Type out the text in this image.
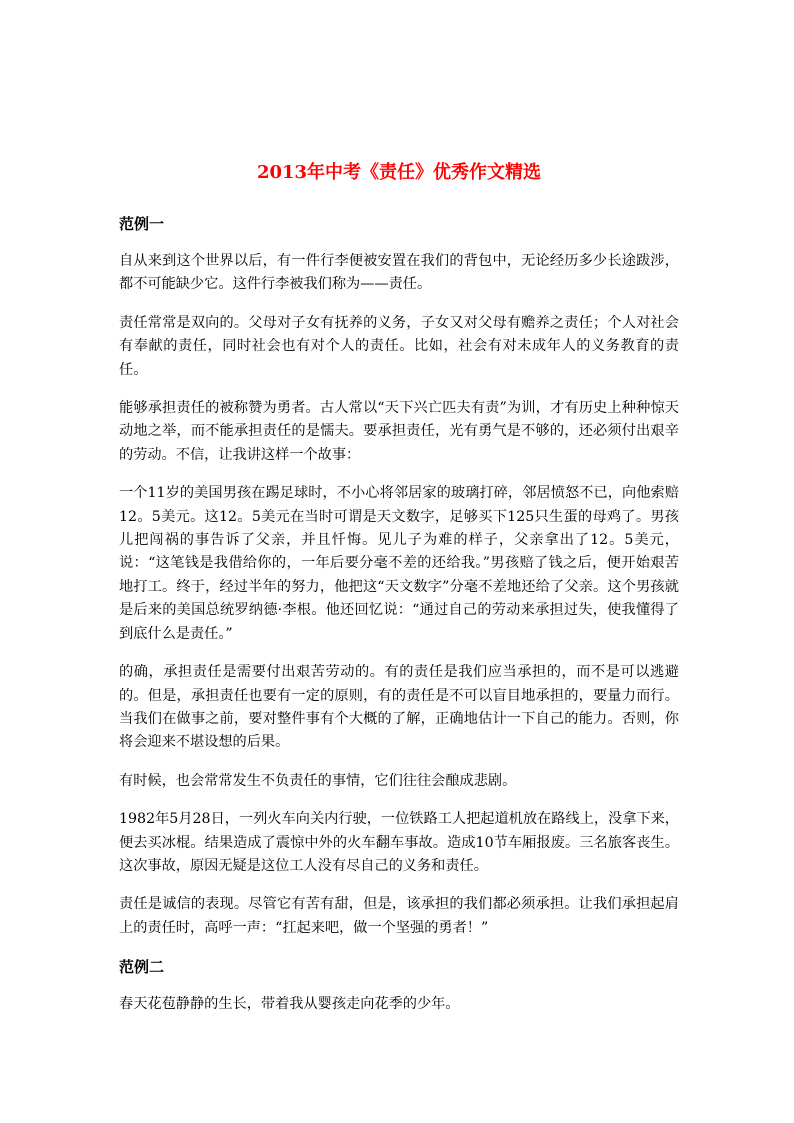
2013年中考《责任》优秀作文精选
范例一

自从来到这个世界以后，有一件行李便被安置在我们的背包中，无论经历多少长途跋涉，都不可能缺少它。这件行李被我们称为——责任。

责任常常是双向的。父母对子女有抚养的义务，子女又对父母有赡养之责任；个人对社会有奉献的责任，同时社会也有对个人的责任。比如，社会有对未成年人的义务教育的责任。

能够承担责任的被称赞为勇者。古人常以“天下兴亡匹夫有责”为训，才有历史上种种惊天动地之举，而不能承担责任的是懦夫。要承担责任，光有勇气是不够的，还必须付出艰辛的劳动。不信，让我讲这样一个故事：

一个11岁的美国男孩在踢足球时，不小心将邻居家的玻璃打碎，邻居愤怒不已，向他索赔12。5美元。这12。5美元在当时可谓是天文数字，足够买下125只生蛋的母鸡了。男孩儿把闯祸的事告诉了父亲，并且忏悔。见儿子为难的样子，父亲拿出了12。5美元，说：“这笔钱是我借给你的，一年后要分毫不差的还给我。”男孩赔了钱之后，便开始艰苦地打工。终于，经过半年的努力，他把这“天文数字”分毫不差地还给了父亲。这个男孩就是后来的美国总统罗纳德·李根。他还回忆说：“通过自己的劳动来承担过失，使我懂得了到底什么是责任。”

的确，承担责任是需要付出艰苦劳动的。有的责任是我们应当承担的，而不是可以逃避的。但是，承担责任也要有一定的原则，有的责任是不可以盲目地承担的，要量力而行。当我们在做事之前，要对整件事有个大概的了解，正确地估计一下自己的能力。否则，你将会迎来不堪设想的后果。

有时候，也会常常发生不负责任的事情，它们往往会酿成悲剧。

1982年5月28日，一列火车向关内行驶，一位铁路工人把起道机放在路线上，没拿下来，便去买冰棍。结果造成了震惊中外的火车翻车事故。造成10节车厢报废。三名旅客丧生。这次事故，原因无疑是这位工人没有尽自己的义务和责任。

责任是诚信的表现。尽管它有苦有甜，但是，该承担的我们都必须承担。让我们承担起肩上的责任时，高呼一声：“扛起来吧，做一个坚强的勇者！”

范例二

春天花苞静静的生长，带着我从婴孩走向花季的少年。
